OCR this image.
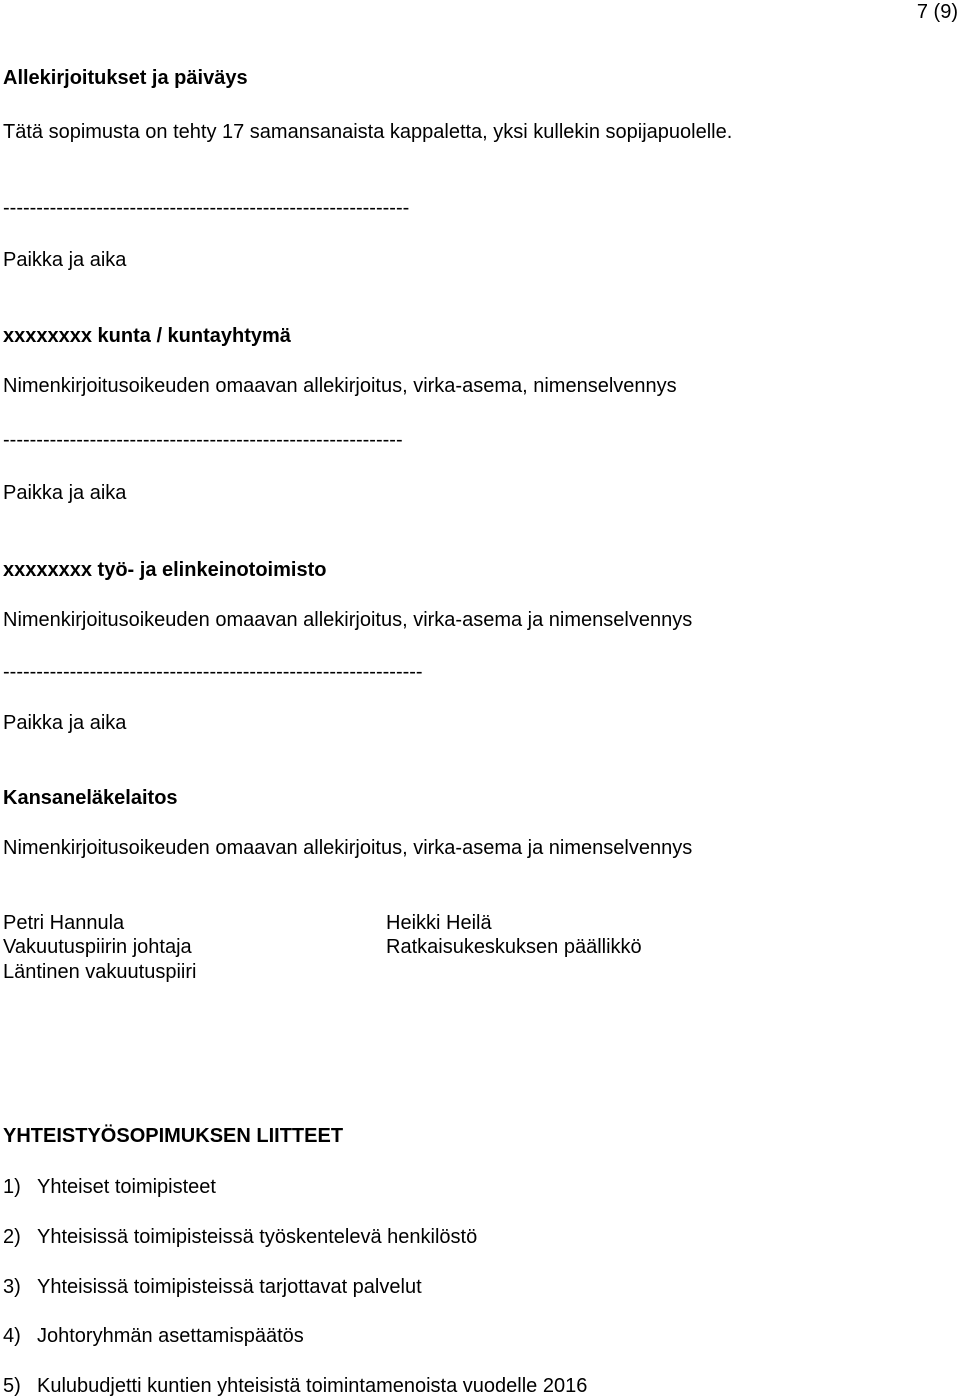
7 (9)
Allekirjoitukset ja päiväys
Tätä sopimusta on tehty 17 samansanaista kappaletta, yksi kullekin sopijapuolelle.
-------------------------------------------------------------
Paikka ja aika
xxxxxxxx kunta / kuntayhtymä
Nimenkirjoitusoikeuden omaavan allekirjoitus, virka-asema, nimenselvennys
------------------------------------------------------------
Paikka ja aika
xxxxxxxx työ- ja elinkeinotoimisto
Nimenkirjoitusoikeuden omaavan allekirjoitus, virka-asema ja nimenselvennys
---------------------------------------------------------------
Paikka ja aika
Kansaneläkelaitos
Nimenkirjoitusoikeuden omaavan allekirjoitus, virka-asema ja nimenselvennys
Petri Hannula
Vakuutuspiirin johtaja
Läntinen vakuutuspiiri
Heikki Heilä
Ratkaisukeskuksen päällikkö
YHTEISTYÖSOPIMUKSEN LIITTEET
1) Yhteiset toimipisteet
2) Yhteisissä toimipisteissä työskentelevä henkilöstö
3) Yhteisissä toimipisteissä tarjottavat palvelut
4) Johtoryhmän asettamispäätös
5) Kulubudjetti kuntien yhteisistä toimintamenoista vuodelle 2016
